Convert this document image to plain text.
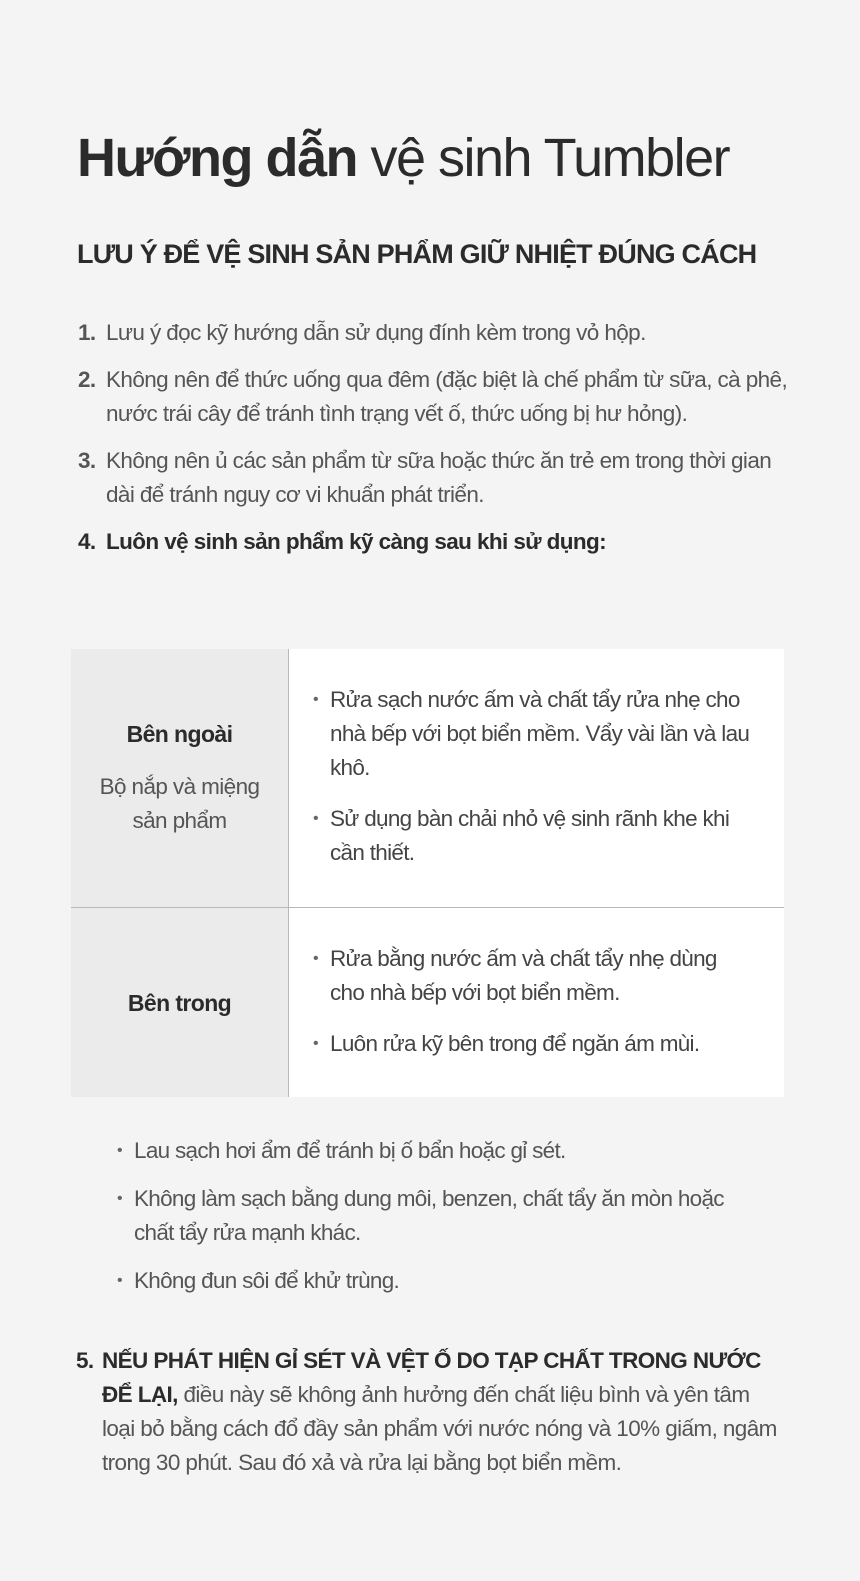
Hướng dẫn vệ sinh Tumbler
LƯU Ý ĐỂ VỆ SINH SẢN PHẨM GIỮ NHIỆT ĐÚNG CÁCH
1. Lưu ý đọc kỹ hướng dẫn sử dụng đính kèm trong vỏ hộp.
2. Không nên để thức uống qua đêm (đặc biệt là chế phẩm từ sữa, cà phê, nước trái cây để tránh tình trạng vết ố, thức uống bị hư hỏng).
3. Không nên ủ các sản phẩm từ sữa hoặc thức ăn trẻ em trong thời gian dài để tránh nguy cơ vi khuẩn phát triển.
4. Luôn vệ sinh sản phẩm kỹ càng sau khi sử dụng:
Bên ngoài
Bộ nắp và miệng sản phẩm
• Rửa sạch nước ấm và chất tẩy rửa nhẹ cho nhà bếp với bọt biển mềm. Vẩy vài lần và lau khô.
• Sử dụng bàn chải nhỏ vệ sinh rãnh khe khi cần thiết.
Bên trong
• Rửa bằng nước ấm và chất tẩy nhẹ dùng cho nhà bếp với bọt biển mềm.
• Luôn rửa kỹ bên trong để ngăn ám mùi.
• Lau sạch hơi ẩm để tránh bị ố bẩn hoặc gỉ sét.
• Không làm sạch bằng dung môi, benzen, chất tẩy ăn mòn hoặc chất tẩy rửa mạnh khác.
• Không đun sôi để khử trùng.
5. NẾU PHÁT HIỆN GỈ SÉT VÀ VỆT Ố DO TẠP CHẤT TRONG NƯỚC ĐỂ LẠI, điều này sẽ không ảnh hưởng đến chất liệu bình và yên tâm loại bỏ bằng cách đổ đầy sản phẩm với nước nóng và 10% giấm, ngâm trong 30 phút. Sau đó xả và rửa lại bằng bọt biển mềm.
